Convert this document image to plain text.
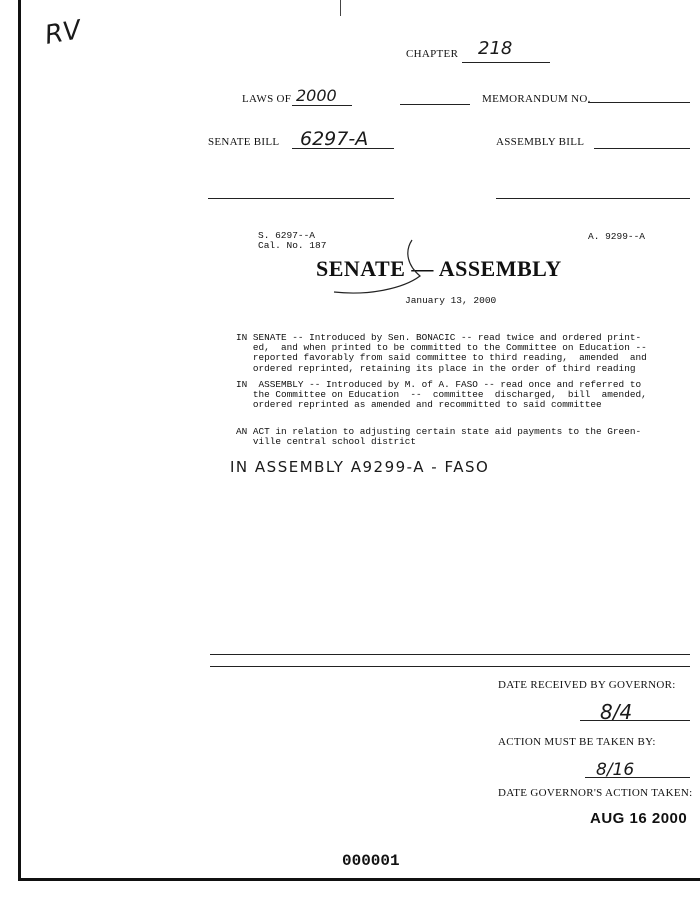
RV
CHAPTER 218
LAWS OF 2000	MEMORANDUM NO.
SENATE BILL 6297-A	ASSEMBLY BILL
S. 6297--A
Cal. No. 187
A. 9299--A
SENATE — ASSEMBLY
January 13, 2000
IN SENATE -- Introduced by Sen. BONACIC -- read twice and ordered print-
ed,  and when printed to be committed to the Committee on Education --
reported favorably from said committee to third reading,  amended  and
ordered reprinted, retaining its place in the order of third reading
IN  ASSEMBLY -- Introduced by M. of A. FASO -- read once and referred to
the Committee on Education  --  committee  discharged,  bill  amended,
ordered reprinted as amended and recommitted to said committee
AN ACT in relation to adjusting certain state aid payments to the Green-
ville central school district
IN ASSEMBLY A9299-A - FASO
DATE RECEIVED BY GOVERNOR:
8/4
ACTION MUST BE TAKEN BY:
8/16
DATE GOVERNOR'S ACTION TAKEN:
AUG 16 2000
000001
